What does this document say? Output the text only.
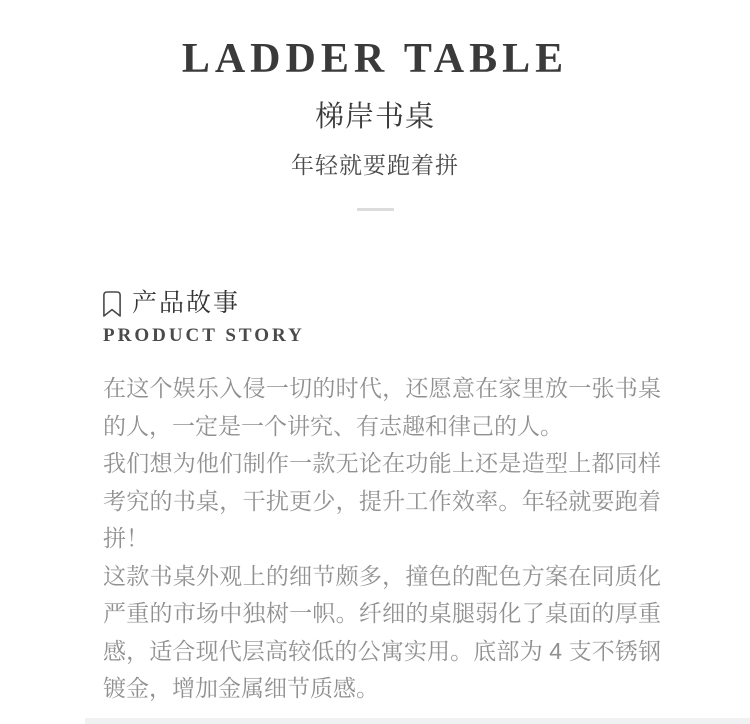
LADDER TABLE
梯岸书桌

年轻就要跑着拼

产品故事
PRODUCT STORY

在这个娱乐入侵一切的时代，还愿意在家里放一张书桌的人，一定是一个讲究、有志趣和律己的人。

我们想为他们制作一款无论在功能上还是造型上都同样考究的书桌，干扰更少，提升工作效率。年轻就要跑着拼！

这款书桌外观上的细节颇多，撞色的配色方案在同质化严重的市场中独树一帜。纤细的桌腿弱化了桌面的厚重感，适合现代层高较低的公寓实用。底部为 4 支不锈钢镀金，增加金属细节质感。
